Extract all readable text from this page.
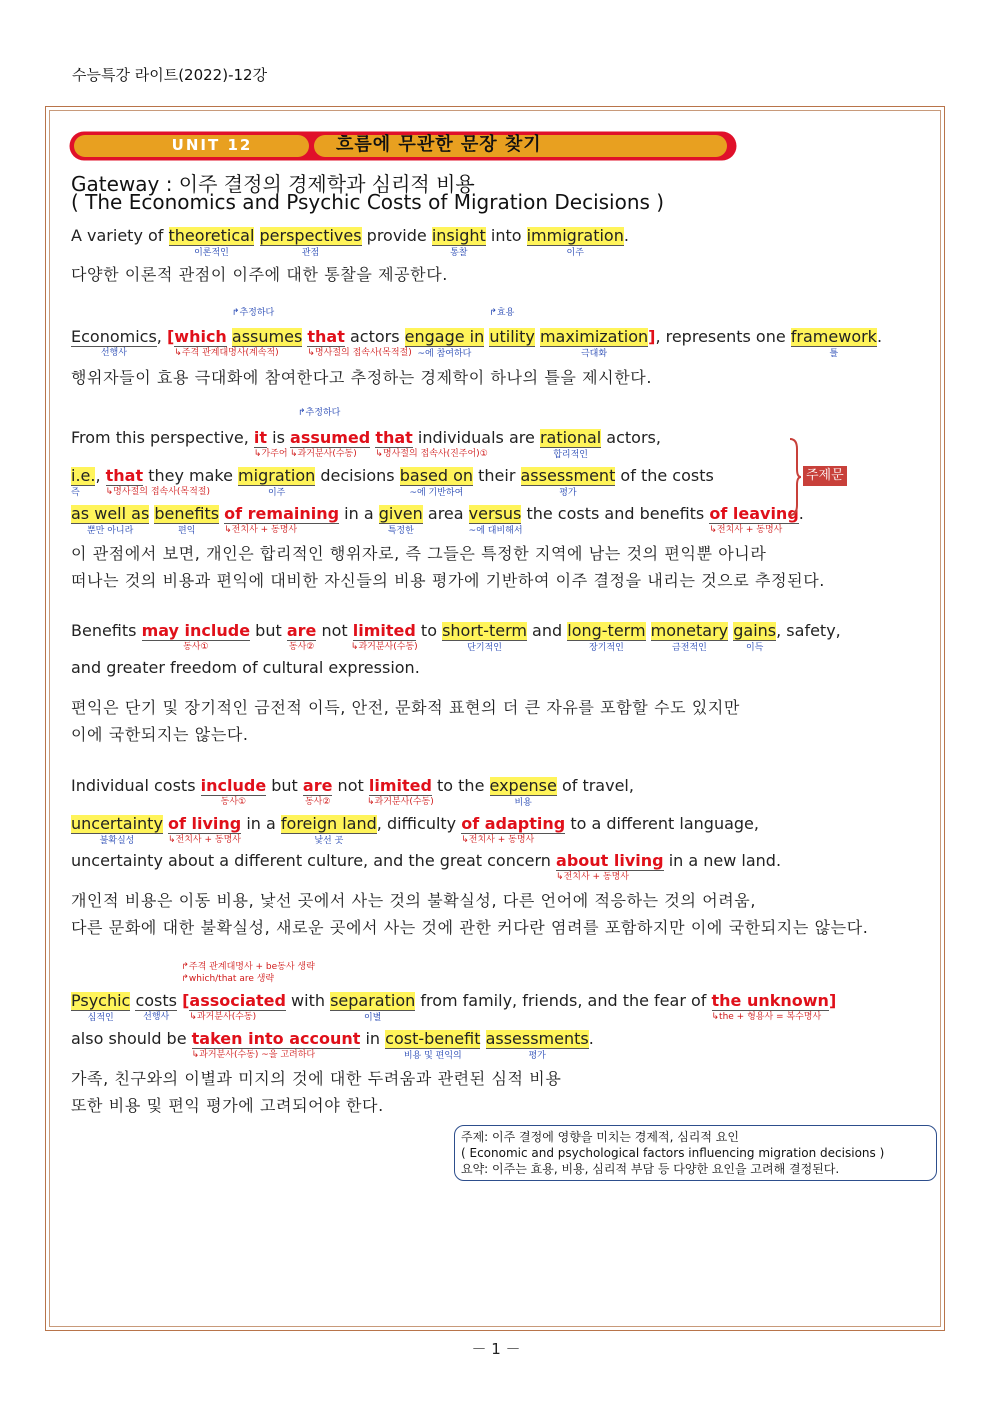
수능특강 라이트(2022)-12강
UNIT 12	흐름에 무관한 문장 찾기
Gateway : 이주 결정의 경제학과 심리적 비용
( The Economics and Psychic Costs of Migration Decisions )
A variety of theoretical
이론적인
perspectives
관점
provide insight
통찰
into immigration
이주
.
다양한 이론적 관점이 이주에 대한 통찰을 제공한다.
Economics
선행사
, [which
↳주격 관계대명사(계속적)
assumes
↱추정하다
that
↳명사절의 접속사(목적절)
actors engage in
~에 참여하다
utility
↱효용
maximization
극대화
], represents one framework
틀
.
행위자들이 효용 극대화에 참여한다고 추정하는 경제학이 하나의 틀을 제시한다.
From this perspective, it
↳가주어
is assumed
↳과거분사(수동)
↱추정하다
that
↳명사절의 접속사(진주어)①
individuals are rational
합리적인
actors,
i.e.
즉
, that
↳명사절의 접속사(목적절)
they make migration
이주
decisions based on
~에 기반하여
their assessment
평가
of the costs
as well as
뿐만 아니라
benefits
편익
of remaining
↳전치사 + 동명사
in a given
특정한
area versus
~에 대비해서
the costs and benefits of leaving
↳전치사 + 동명사
.
주제문
이 관점에서 보면, 개인은 합리적인 행위자로, 즉 그들은 특정한 지역에 남는 것의 편익뿐 아니라
떠나는 것의 비용과 편익에 대비한 자신들의 비용 평가에 기반하여 이주 결정을 내리는 것으로 추정된다.
Benefits may include
동사①
but are
동사②
not limited
↳과거분사(수동)
to short-term
단기적인
and long-term
장기적인
monetary
금전적인
gains
이득
, safety,
and greater freedom of cultural expression.
편익은 단기 및 장기적인 금전적 이득, 안전, 문화적 표현의 더 큰 자유를 포함할 수도 있지만
이에 국한되지는 않는다.
Individual costs include
동사①
but are
동사②
not limited
↳과거분사(수동)
to the expense
비용
of travel,
uncertainty
불확실성
of living
↳전치사 + 동명사
in a foreign land
낯선 곳
, difficulty of adapting
↳전치사 + 동명사
to a different language,
uncertainty about a different culture, and the great concern about living
↳전치사 + 동명사
in a new land.
개인적 비용은 이동 비용, 낯선 곳에서 사는 것의 불확실성, 다른 언어에 적응하는 것의 어려움,
다른 문화에 대한 불확실성, 새로운 곳에서 사는 것에 관한 커다란 염려를 포함하지만 이에 국한되지는 않는다.
Psychic
심적인
costs
선행사
[associated
↳과거분사(수동)
↱주격 관계대명사 + be동사 생략
↱which/that are 생략
with separation
이별
from family, friends, and the fear of the unknown
↳the + 형용사 = 복수명사
]
also should be taken into account
↳과거분사(수동) ~을 고려하다
in cost-benefit
비용 및 편익의
assessments
평가
.
가족, 친구와의 이별과 미지의 것에 대한 두려움과 관련된 심적 비용
또한 비용 및 편익 평가에 고려되어야 한다.
주제: 이주 결정에 영향을 미치는 경제적, 심리적 요인
( Economic and psychological factors influencing migration decisions )
요약: 이주는 효용, 비용, 심리적 부담 등 다양한 요인을 고려해 결정된다.
－ 1 －
